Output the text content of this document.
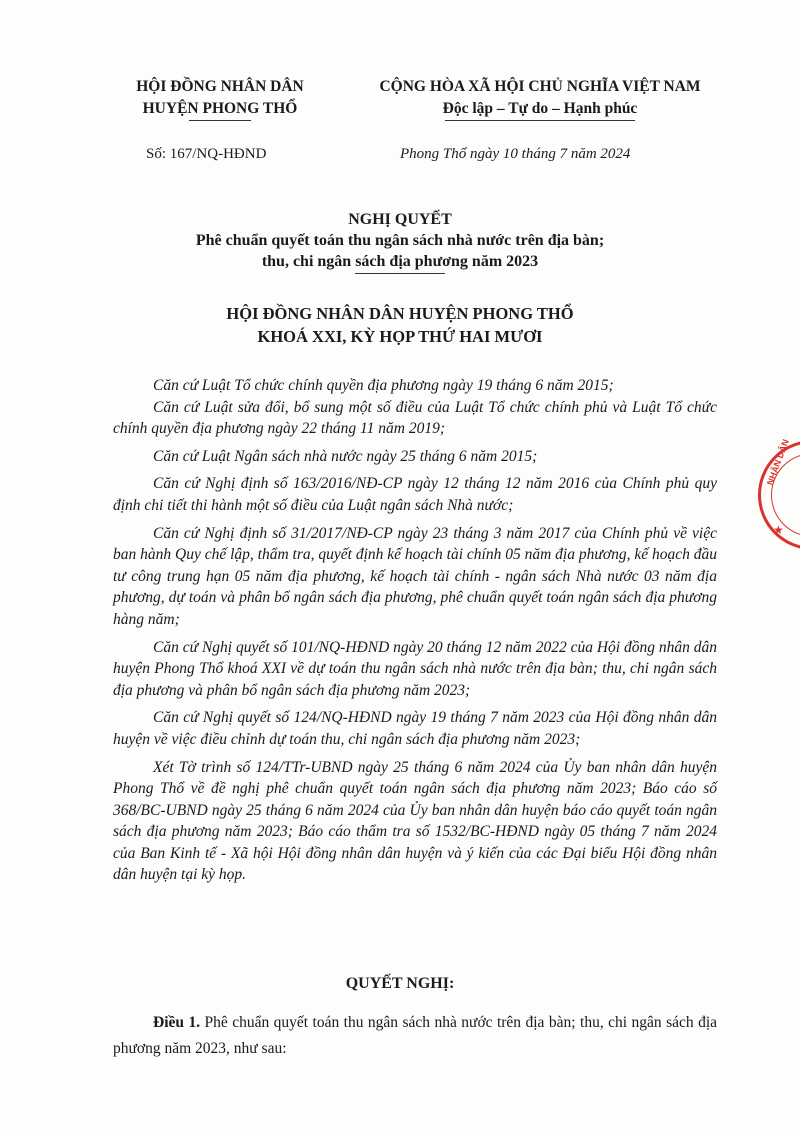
HỘI ĐỒNG NHÂN DÂN
HUYỆN PHONG THỔ
CỘNG HÒA XÃ HỘI CHỦ NGHĨA VIỆT NAM
Độc lập – Tự do – Hạnh phúc
Số: 167/NQ-HĐND	Phong Thổ ngày 10 tháng 7 năm 2024
NGHỊ QUYẾT
Phê chuẩn quyết toán thu ngân sách nhà nước trên địa bàn;
thu, chi ngân sách địa phương năm 2023
HỘI ĐỒNG NHÂN DÂN HUYỆN PHONG THỔ
KHOÁ XXI, KỲ HỌP THỨ HAI MƯƠI

Căn cứ Luật Tổ chức chính quyền địa phương ngày 19 tháng 6 năm 2015;

Căn cứ Luật sửa đổi, bổ sung một số điều của Luật Tổ chức chính phủ và Luật Tổ chức chính quyền địa phương ngày 22 tháng 11 năm 2019;

Căn cứ Luật Ngân sách nhà nước ngày 25 tháng 6 năm 2015;

Căn cứ Nghị định số 163/2016/NĐ-CP ngày 12 tháng 12 năm 2016 của Chính phủ quy định chi tiết thi hành một số điều của Luật ngân sách Nhà nước;

Căn cứ Nghị định số 31/2017/NĐ-CP ngày 23 tháng 3 năm 2017 của Chính phủ về việc ban hành Quy chế lập, thẩm tra, quyết định kế hoạch tài chính 05 năm địa phương, kế hoạch đầu tư công trung hạn 05 năm địa phương, kế hoạch tài chính - ngân sách Nhà nước 03 năm địa phương, dự toán và phân bổ ngân sách địa phương, phê chuẩn quyết toán ngân sách địa phương hàng năm;

Căn cứ Nghị quyết số 101/NQ-HĐND ngày 20 tháng 12 năm 2022 của Hội đồng nhân dân huyện Phong Thổ khoá XXI về dự toán thu ngân sách nhà nước trên địa bàn; thu, chi ngân sách địa phương và phân bổ ngân sách địa phương năm 2023;

Căn cứ Nghị quyết số 124/NQ-HĐND ngày 19 tháng 7 năm 2023 của Hội đồng nhân dân huyện về việc điều chỉnh dự toán thu, chi ngân sách địa phương năm 2023;

Xét Tờ trình số 124/TTr-UBND ngày 25 tháng 6 năm 2024 của Ủy ban nhân dân huyện Phong Thổ về đề nghị phê chuẩn quyết toán ngân sách địa phương năm 2023; Báo cáo số 368/BC-UBND ngày 25 tháng 6 năm 2024 của Ủy ban nhân dân huyện báo cáo quyết toán ngân sách địa phương năm 2023; Báo cáo thẩm tra số 1532/BC-HĐND ngày 05 tháng 7 năm 2024 của Ban Kinh tế - Xã hội Hội đồng nhân dân huyện và ý kiến của các Đại biểu Hội đồng nhân dân huyện tại kỳ họp.

QUYẾT NGHỊ:
Điều 1. Phê chuẩn quyết toán thu ngân sách nhà nước trên địa bàn; thu, chi ngân sách địa phương năm 2023, như sau:
NHÂN DÂN
★
